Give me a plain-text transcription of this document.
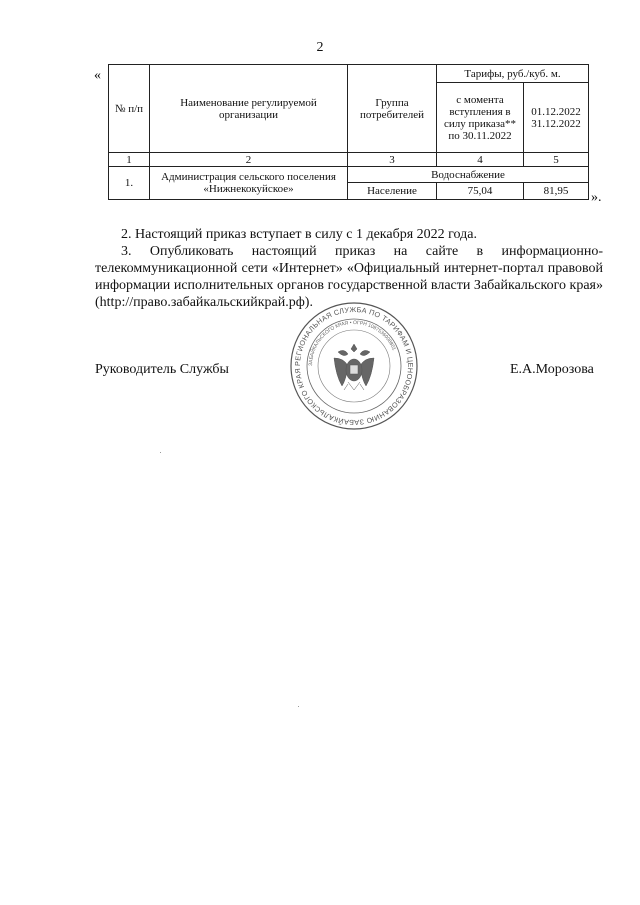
2
«
№ п/п	Наименование регулируемой организации	Группа потребителей	Тарифы, руб./куб. м.	
			с момента вступления в силу приказа** по 30.11.2022	01.12.2022 31.12.2022
1	2	3	4	5
1.	Администрация сельского поселения «Нижнекокуйское»	Водоснабжение		
		Население	75,04	81,95 ».
2. Настоящий приказ вступает в силу с 1 декабря 2022 года.
3. Опубликовать настоящий приказ на сайте в информационно-телекоммуникационной сети «Интернет» «Официальный интернет-портал правовой информации исполнительных органов государственной власти Забайкальского края» (http://право.забайкальскийкрай.рф).
Руководитель Службы	Е.А.Морозова
РЕГИОНАЛЬНАЯ СЛУЖБА ПО ТАРИФАМ И ЦЕНООБРАЗОВАНИЮ ЗАБАЙКАЛЬСКОГО КРАЯ
ЗАБАЙКАЛЬСКОГО КРАЯ • ОГРН 1087536008801
